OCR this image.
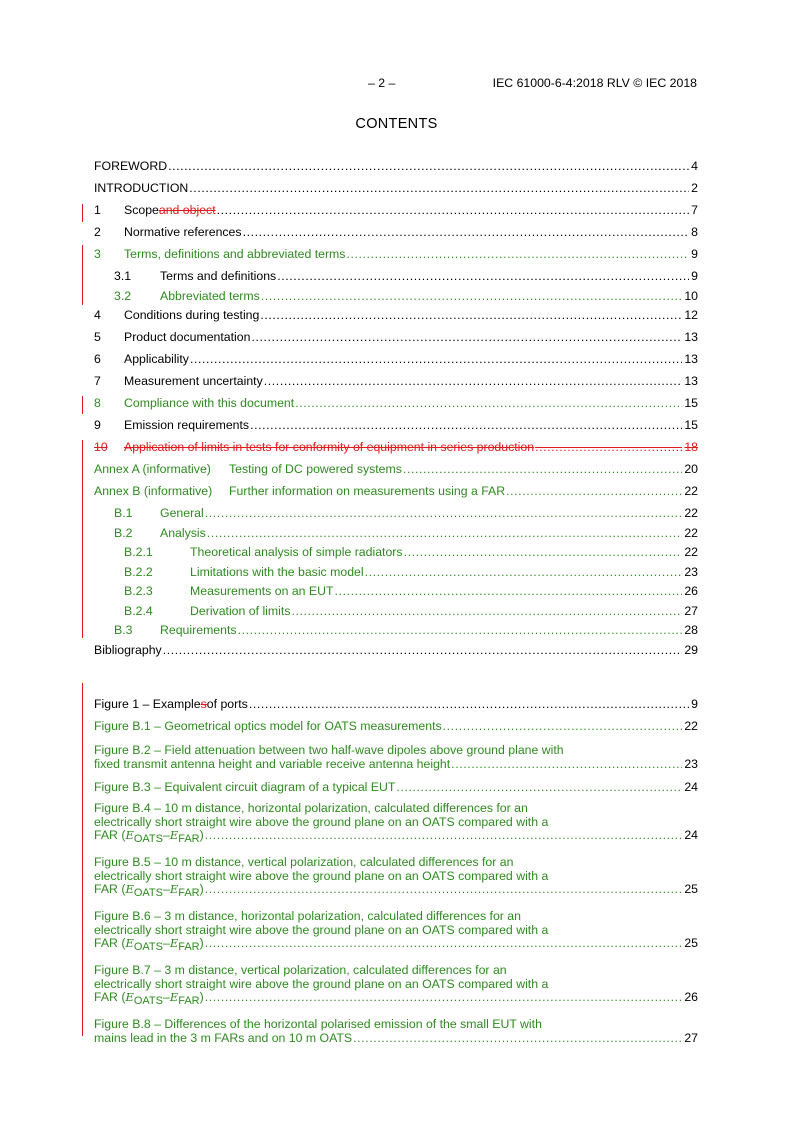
– 2 –	IEC 61000-6-4:2018 RLV © IEC 2018
CONTENTS
FOREWORD .....	4
INTRODUCTION .....	2
1	Scope and object .....	7
2	Normative references .....	8
3	Terms, definitions and abbreviated terms .....	9
3.1	Terms and definitions .....	9
3.2	Abbreviated terms .....	10
4	Conditions during testing .....	12
5	Product documentation .....	13
6	Applicability .....	13
7	Measurement uncertainty .....	13
8	Compliance with this document .....	15
9	Emission requirements .....	15
10	Application of limits in tests for conformity of equipment in series production .....	18
Annex A (informative)	Testing of DC powered systems .....	20
Annex B (informative)	Further information on measurements using a FAR .....	22
B.1	General .....	22
B.2	Analysis .....	22
B.2.1	Theoretical analysis of simple radiators .....	22
B.2.2	Limitations with the basic model .....	23
B.2.3	Measurements on an EUT .....	26
B.2.4	Derivation of limits .....	27
B.3	Requirements .....	28
Bibliography .....	29
Figure 1 – Example s of ports .....	9
Figure B.1 – Geometrical optics model for OATS measurements .....	22
Figure B.2 – Field attenuation between two half-wave dipoles above ground plane with
fixed transmit antenna height and variable receive antenna height .....	23
Figure B.3 – Equivalent circuit diagram of a typical EUT .....	24
Figure B.4 – 10 m distance, horizontal polarization, calculated differences for an
electrically short straight wire above the ground plane on an OATS compared with a
FAR ( E OATS – E FAR ) .....	24
Figure B.5 – 10 m distance, vertical polarization, calculated differences for an
electrically short straight wire above the ground plane on an OATS compared with a
FAR ( E OATS – E FAR ) .....	25
Figure B.6 – 3 m distance, horizontal polarization, calculated differences for an
electrically short straight wire above the ground plane on an OATS compared with a
FAR ( E OATS – E FAR ) .....	25
Figure B.7 – 3 m distance, vertical polarization, calculated differences for an
electrically short straight wire above the ground plane on an OATS compared with a
FAR ( E OATS – E FAR ) .....	26
Figure B.8 – Differences of the horizontal polarised emission of the small EUT with
mains lead in the 3 m FARs and on 10 m OATS .....	27
